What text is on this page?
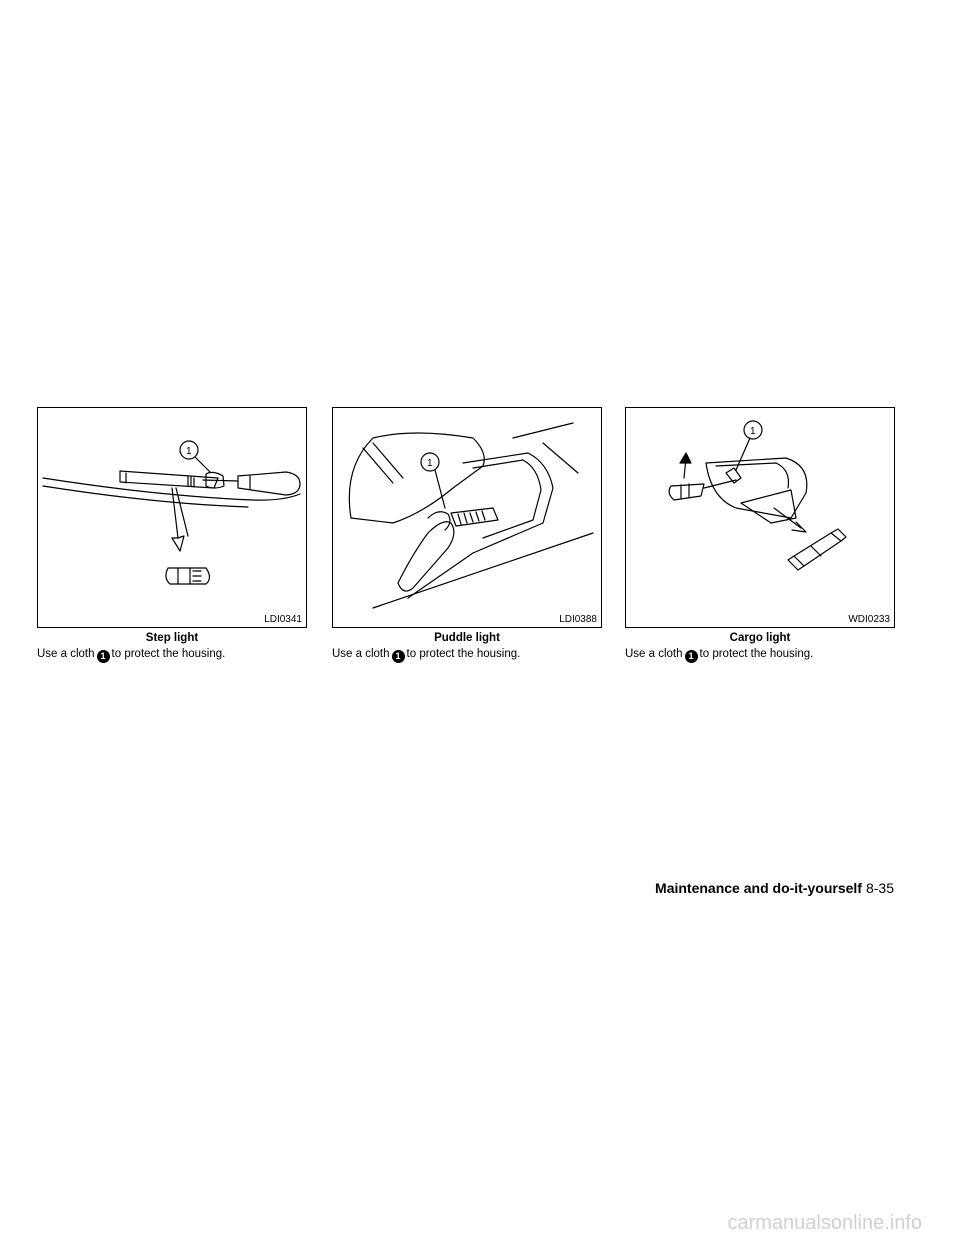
1
LDI0341
Step light
Use a cloth 1 to protect the housing.
1
LDI0388
Puddle light
Use a cloth 1 to protect the housing.
1
WDI0233
Cargo light
Use a cloth 1 to protect the housing.
Maintenance and do-it-yourself 8-35
carmanualsonline.info
